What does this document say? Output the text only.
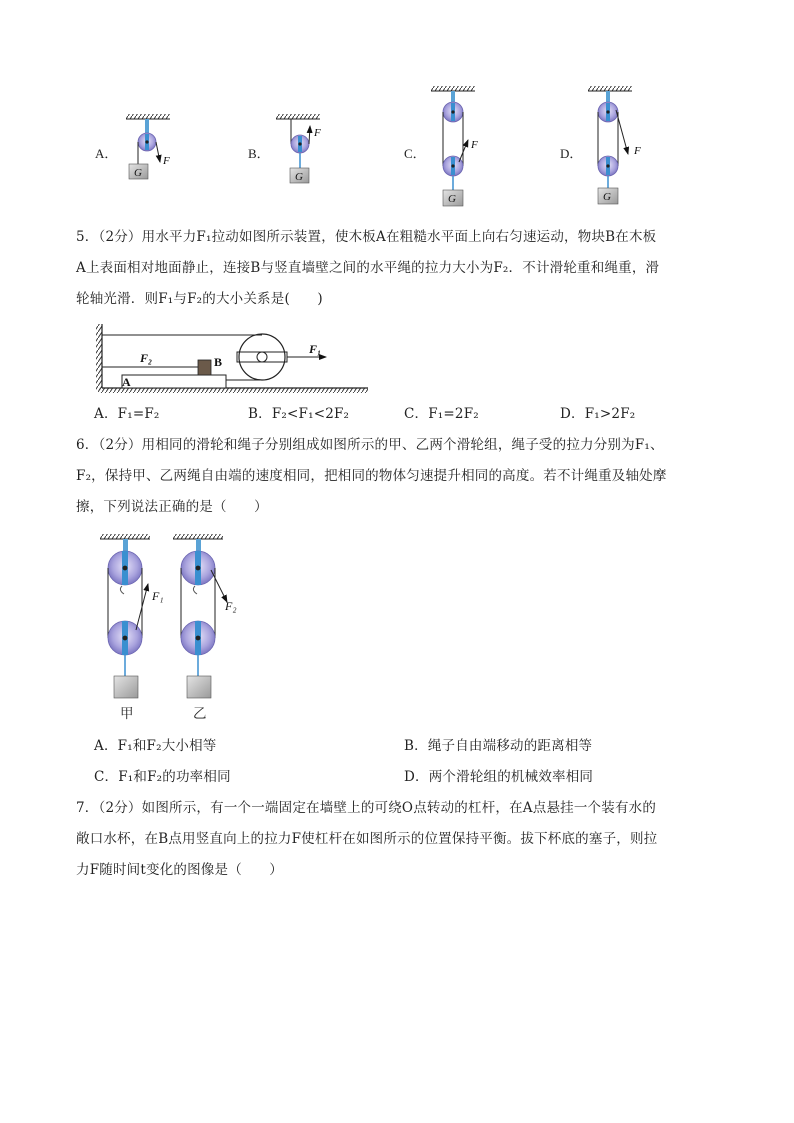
A．	B．	C．	D．
G
F
G
F
G
F
G
F
5．（2分）用水平力F₁拉动如图所示装置，使木板A在粗糙水平面上向右匀速运动，物块B在木板
A上表面相对地面静止，连接B与竖直墙壁之间的水平绳的拉力大小为F₂．不计滑轮重和绳重，滑
轮轴光滑．则F₁与F₂的大小关系是(　　)
F₂	B
F₁
A
A．F₁=F₂	B．F₂<F₁<2F₂	C．F₁=2F₂	D．F₁>2F₂
6．（2分）用相同的滑轮和绳子分别组成如图所示的甲、乙两个滑轮组，绳子受的拉力分别为F₁、
F₂，保持甲、乙两绳自由端的速度相同，把相同的物体匀速提升相同的高度。若不计绳重及轴处摩
擦，下列说法正确的是（　　）
F₁
甲
F₂
乙
A．F₁和F₂大小相等	B．绳子自由端移动的距离相等
C．F₁和F₂的功率相同	D．两个滑轮组的机械效率相同
7．（2分）如图所示，有一个一端固定在墙壁上的可绕O点转动的杠杆，在A点悬挂一个装有水的
敞口水杯，在B点用竖直向上的拉力F使杠杆在如图所示的位置保持平衡。拔下杯底的塞子，则拉
力F随时间t变化的图像是（　　）
